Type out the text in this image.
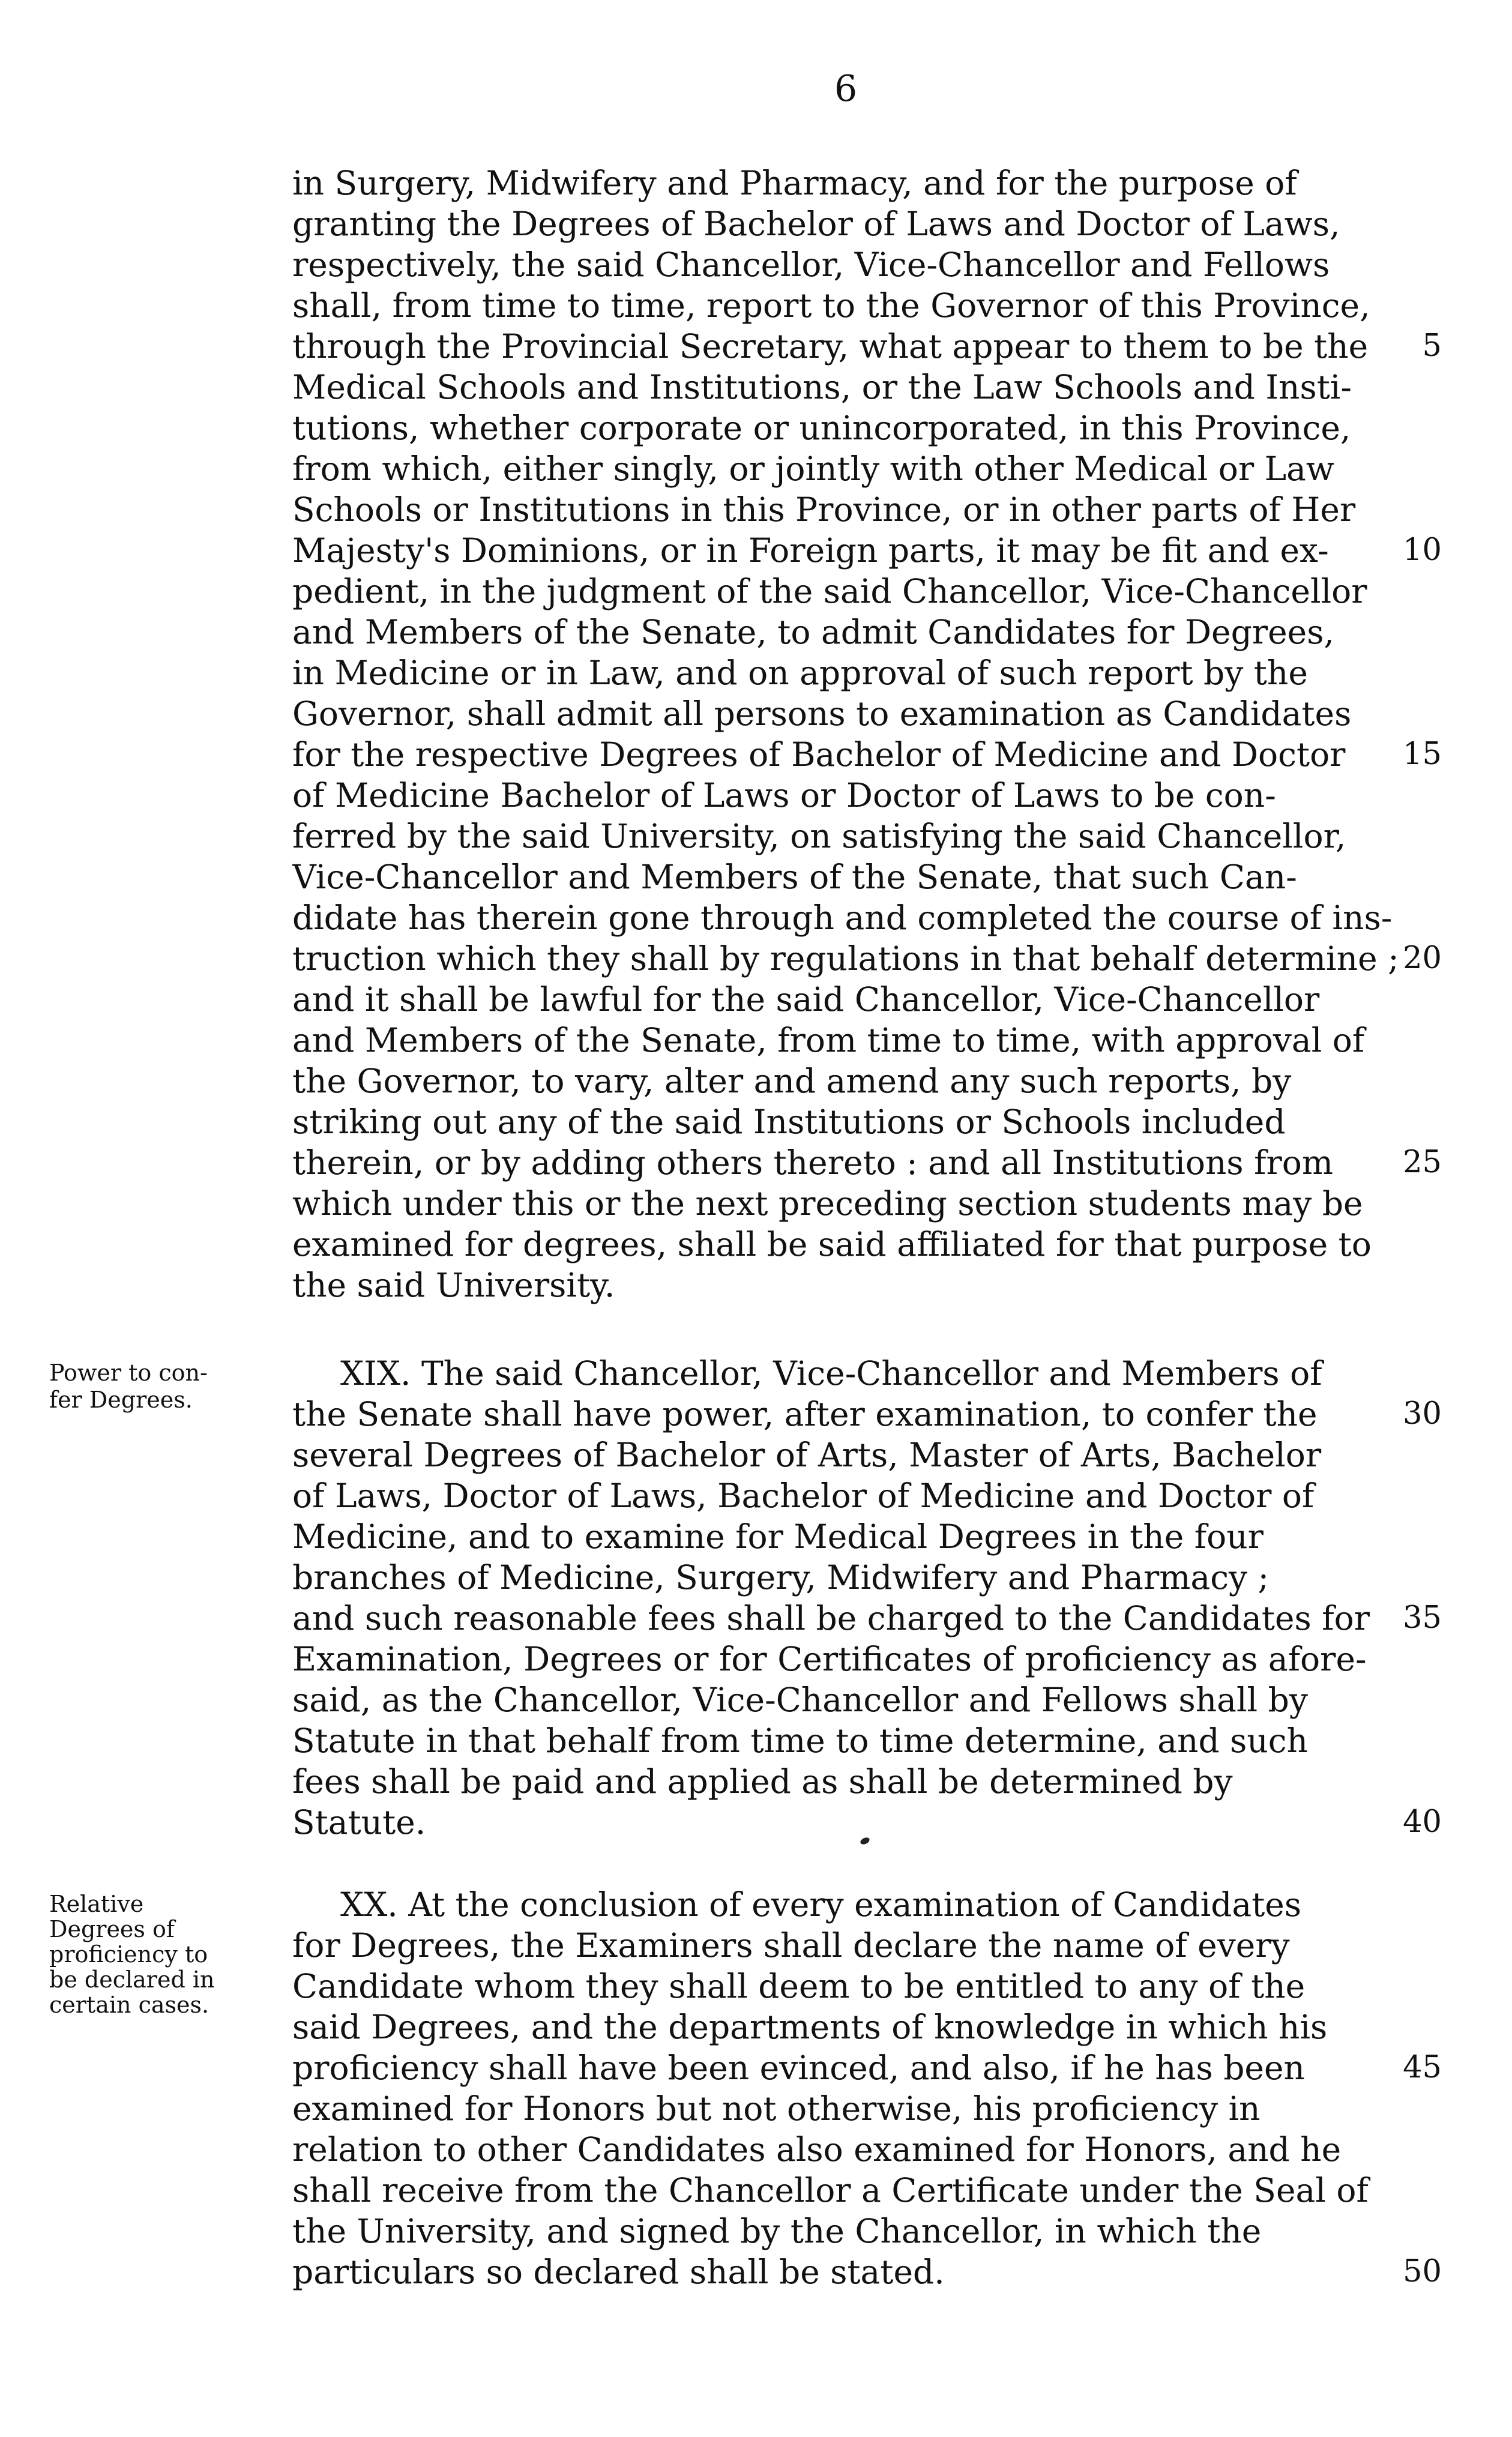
6
in Surgery, Midwifery and Pharmacy, and for the purpose of
granting the Degrees of Bachelor of Laws and Doctor of Laws,
respectively, the said Chancellor, Vice-Chancellor and Fellows
shall, from time to time, report to the Governor of this Province,
through the Provincial Secretary, what appear to them to be the
Medical Schools and Institutions, or the Law Schools and Insti-
tutions, whether corporate or unincorporated, in this Province,
from which, either singly, or jointly with other Medical or Law
Schools or Institutions in this Province, or in other parts of Her
Majesty's Dominions, or in Foreign parts, it may be fit and ex-
pedient, in the judgment of the said Chancellor, Vice-Chancellor
and Members of the Senate, to admit Candidates for Degrees,
in Medicine or in Law, and on approval of such report by the
Governor, shall admit all persons to examination as Candidates
for the respective Degrees of Bachelor of Medicine and Doctor
of Medicine Bachelor of Laws or Doctor of Laws to be con-
ferred by the said University, on satisfying the said Chancellor,
Vice-Chancellor and Members of the Senate, that such Can-
didate has therein gone through and completed the course of ins-
truction which they shall by regulations in that behalf determine ;
and it shall be lawful for the said Chancellor, Vice-Chancellor
and Members of the Senate, from time to time, with approval of
the Governor, to vary, alter and amend any such reports, by
striking out any of the said Institutions or Schools included
therein, or by adding others thereto : and all Institutions from
which under this or the next preceding section students may be
examined for degrees, shall be said affiliated for that purpose to
the said University.
Power to con-
fer Degrees.
XIX. The said Chancellor, Vice-Chancellor and Members of
the Senate shall have power, after examination, to confer the
several Degrees of Bachelor of Arts, Master of Arts, Bachelor
of Laws, Doctor of Laws, Bachelor of Medicine and Doctor of
Medicine, and to examine for Medical Degrees in the four
branches of Medicine, Surgery, Midwifery and Pharmacy ;
and such reasonable fees shall be charged to the Candidates for
Examination, Degrees or for Certificates of proficiency as afore-
said, as the Chancellor, Vice-Chancellor and Fellows shall by
Statute in that behalf from time to time determine, and such
fees shall be paid and applied as shall be determined by
Statute.
Relative
Degrees of
proficiency to
be declared in
certain cases.
XX. At the conclusion of every examination of Candidates
for Degrees, the Examiners shall declare the name of every
Candidate whom they shall deem to be entitled to any of the
said Degrees, and the departments of knowledge in which his
proficiency shall have been evinced, and also, if he has been
examined for Honors but not otherwise, his proficiency in
relation to other Candidates also examined for Honors, and he
shall receive from the Chancellor a Certificate under the Seal of
the University, and signed by the Chancellor, in which the
particulars so declared shall be stated.
5
10
15
20
25
30
35
40
45
50
